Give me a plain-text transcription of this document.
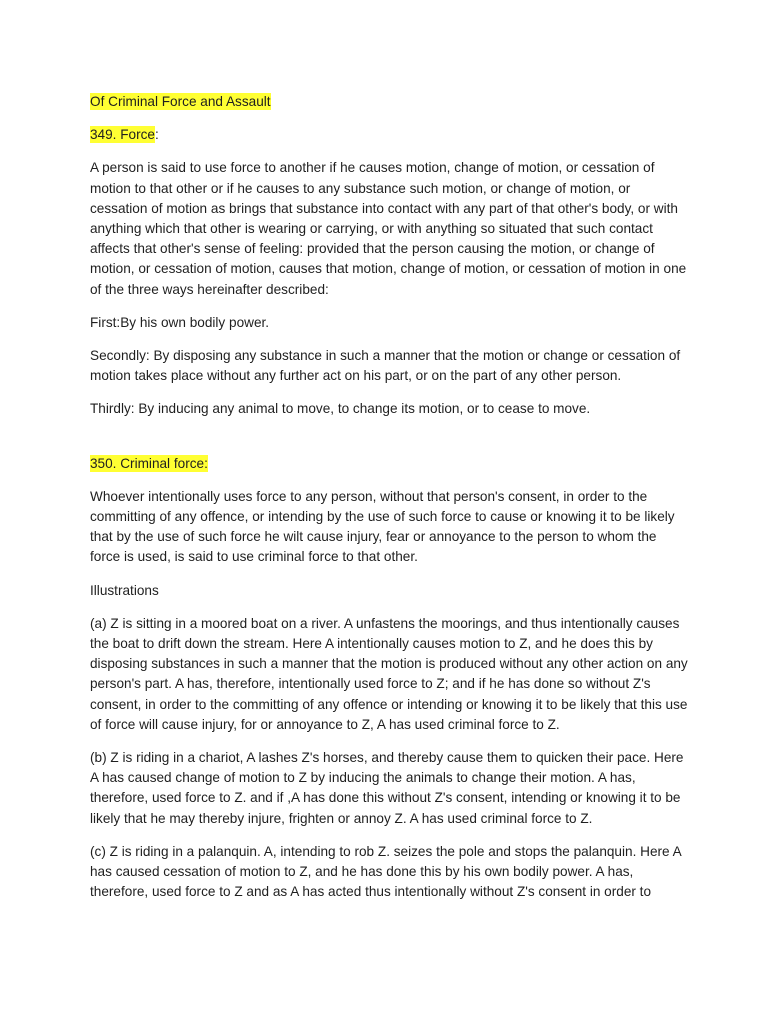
Of Criminal Force and Assault

349. Force:

A person is said to use force to another if he causes motion, change of motion, or cessation of motion to that other or if he causes to any substance such motion, or change of motion, or cessation of motion as brings that substance into contact with any part of that other's body, or with anything which that other is wearing or carrying, or with anything so situated that such contact affects that other's sense of feeling: provided that the person causing the motion, or change of motion, or cessation of motion, causes that motion, change of motion, or cessation of motion in one of the three ways hereinafter described:

First:By his own bodily power.

Secondly: By disposing any substance in such a manner that the motion or change or cessation of motion takes place without any further act on his part, or on the part of any other person.

Thirdly: By inducing any animal to move, to change its motion, or to cease to move.

350. Criminal force:

Whoever intentionally uses force to any person, without that person's consent, in order to the committing of any offence, or intending by the use of such force to cause or knowing it to be likely that by the use of such force he wilt cause injury, fear or annoyance to the person to whom the force is used, is said to use criminal force to that other.

Illustrations

(a) Z is sitting in a moored boat on a river. A unfastens the moorings, and thus intentionally causes the boat to drift down the stream. Here A intentionally causes motion to Z, and he does this by disposing substances in such a manner that the motion is produced without any other action on any person's part. A has, therefore, intentionally used force to Z; and if he has done so without Z's consent, in order to the committing of any offence or intending or knowing it to be likely that this use of force will cause injury, for or annoyance to Z, A has used criminal force to Z.

(b) Z is riding in a chariot, A lashes Z's horses, and thereby cause them to quicken their pace. Here A has caused change of motion to Z by inducing the animals to change their motion. A has, therefore, used force to Z. and if ,A has done this without Z's consent, intending or knowing it to be likely that he may thereby injure, frighten or annoy Z. A has used criminal force to Z.

(c) Z is riding in a palanquin. A, intending to rob Z. seizes the pole and stops the palanquin. Here A has caused cessation of motion to Z, and he has done this by his own bodily power. A has, therefore, used force to Z and as A has acted thus intentionally without Z's consent in order to
